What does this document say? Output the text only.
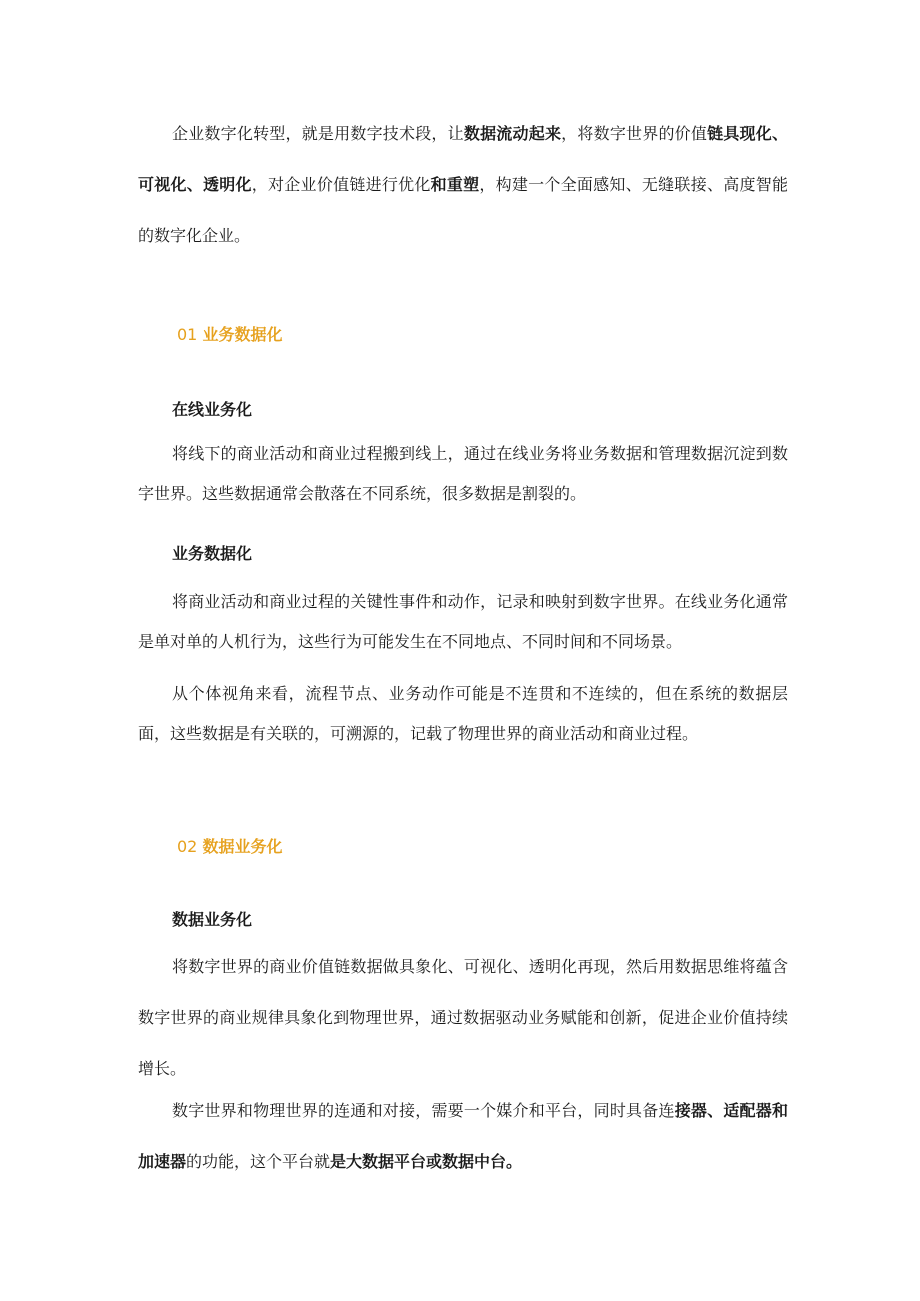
企业数字化转型，就是用数字技术段，让数据流动起来，将数字世界的价值链具现化、可视化、透明化，对企业价值链进行优化和重塑，构建一个全面感知、无缝联接、高度智能的数字化企业。

01 业务数据化
在线业务化

将线下的商业活动和商业过程搬到线上，通过在线业务将业务数据和管理数据沉淀到数字世界。这些数据通常会散落在不同系统，很多数据是割裂的。

业务数据化

将商业活动和商业过程的关键性事件和动作，记录和映射到数字世界。在线业务化通常是单对单的人机行为，这些行为可能发生在不同地点、不同时间和不同场景。

从个体视角来看，流程节点、业务动作可能是不连贯和不连续的，但在系统的数据层面，这些数据是有关联的，可溯源的，记载了物理世界的商业活动和商业过程。

02 数据业务化
数据业务化

将数字世界的商业价值链数据做具象化、可视化、透明化再现，然后用数据思维将蕴含数字世界的商业规律具象化到物理世界，通过数据驱动业务赋能和创新，促进企业价值持续增长。

数字世界和物理世界的连通和对接，需要一个媒介和平台，同时具备连接器、适配器和加速器的功能，这个平台就是大数据平台或数据中台。
